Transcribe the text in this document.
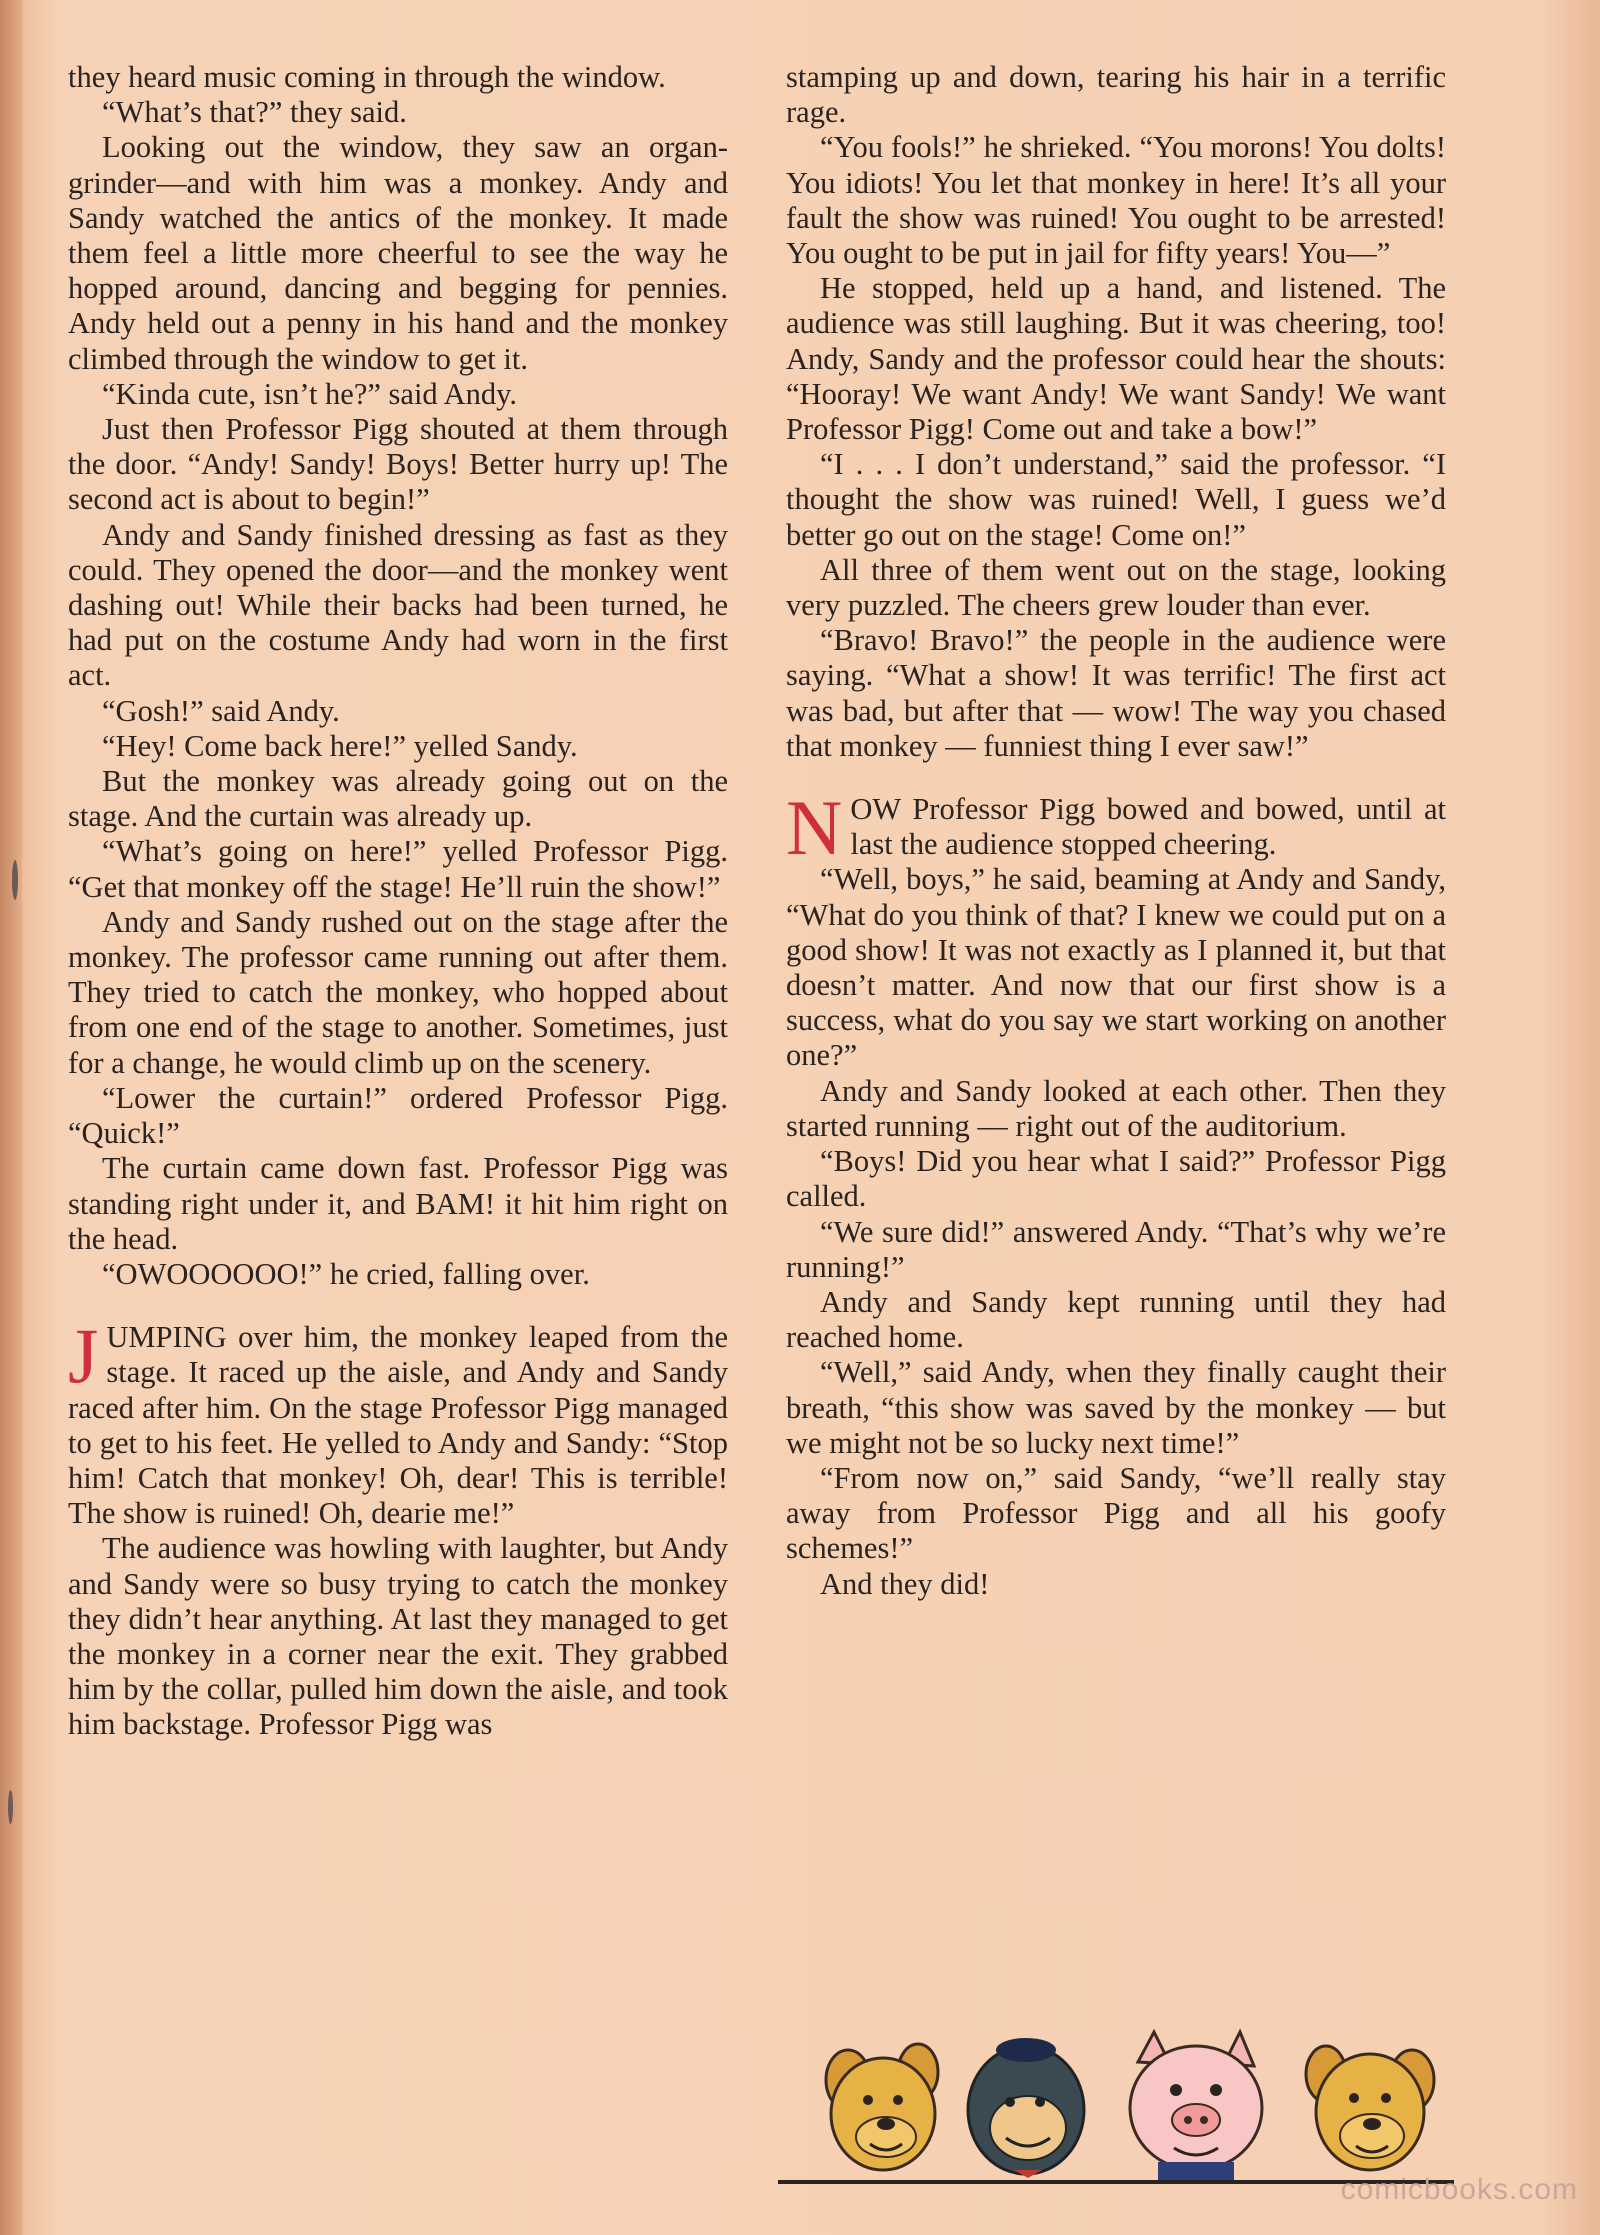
they heard music coming in through the window.

“What’s that?” they said.

Looking out the window, they saw an organ-grinder—and with him was a monkey. Andy and Sandy watched the antics of the monkey. It made them feel a little more cheerful to see the way he hopped around, dancing and begging for pennies. Andy held out a penny in his hand and the monkey climbed through the window to get it.

“Kinda cute, isn’t he?” said Andy.

Just then Professor Pigg shouted at them through the door. “Andy! Sandy! Boys! Better hurry up! The second act is about to begin!”

Andy and Sandy finished dressing as fast as they could. They opened the door—and the monkey went dashing out! While their backs had been turned, he had put on the costume Andy had worn in the first act.

“Gosh!” said Andy.

“Hey! Come back here!” yelled Sandy.

But the monkey was already going out on the stage. And the curtain was already up.

“What’s going on here!” yelled Professor Pigg. “Get that monkey off the stage! He’ll ruin the show!”

Andy and Sandy rushed out on the stage after the monkey. The professor came running out after them. They tried to catch the monkey, who hopped about from one end of the stage to another. Sometimes, just for a change, he would climb up on the scenery.

“Lower the curtain!” ordered Professor Pigg. “Quick!”

The curtain came down fast. Professor Pigg was standing right under it, and BAM! it hit him right on the head.

“OWOOOOOO!” he cried, falling over.

JUMPING over him, the monkey leaped from the stage. It raced up the aisle, and Andy and Sandy raced after him. On the stage Professor Pigg managed to get to his feet. He yelled to Andy and Sandy: “Stop him! Catch that monkey! Oh, dear! This is terrible! The show is ruined! Oh, dearie me!”

The audience was howling with laughter, but Andy and Sandy were so busy trying to catch the monkey they didn’t hear anything. At last they managed to get the monkey in a corner near the exit. They grabbed him by the collar, pulled him down the aisle, and took him backstage. Professor Pigg was

stamping up and down, tearing his hair in a terrific rage.

“You fools!” he shrieked. “You morons! You dolts! You idiots! You let that monkey in here! It’s all your fault the show was ruined! You ought to be arrested! You ought to be put in jail for fifty years! You—”

He stopped, held up a hand, and listened. The audience was still laughing. But it was cheering, too! Andy, Sandy and the professor could hear the shouts: “Hooray! We want Andy! We want Sandy! We want Professor Pigg! Come out and take a bow!”

“I . . . I don’t understand,” said the professor. “I thought the show was ruined! Well, I guess we’d better go out on the stage! Come on!”

All three of them went out on the stage, looking very puzzled. The cheers grew louder than ever.

“Bravo! Bravo!” the people in the audience were saying. “What a show! It was terrific! The first act was bad, but after that — wow! The way you chased that monkey — funniest thing I ever saw!”

NOW Professor Pigg bowed and bowed, until at last the audience stopped cheering.

“Well, boys,” he said, beaming at Andy and Sandy, “What do you think of that? I knew we could put on a good show! It was not exactly as I planned it, but that doesn’t matter. And now that our first show is a success, what do you say we start working on another one?”

Andy and Sandy looked at each other. Then they started running — right out of the auditorium.

“Boys! Did you hear what I said?” Professor Pigg called.

“We sure did!” answered Andy. “That’s why we’re running!”

Andy and Sandy kept running until they had reached home.

“Well,” said Andy, when they finally caught their breath, “this show was saved by the monkey — but we might not be so lucky next time!”

“From now on,” said Sandy, “we’ll really stay away from Professor Pigg and all his goofy schemes!”

And they did!

comicbooks.com
